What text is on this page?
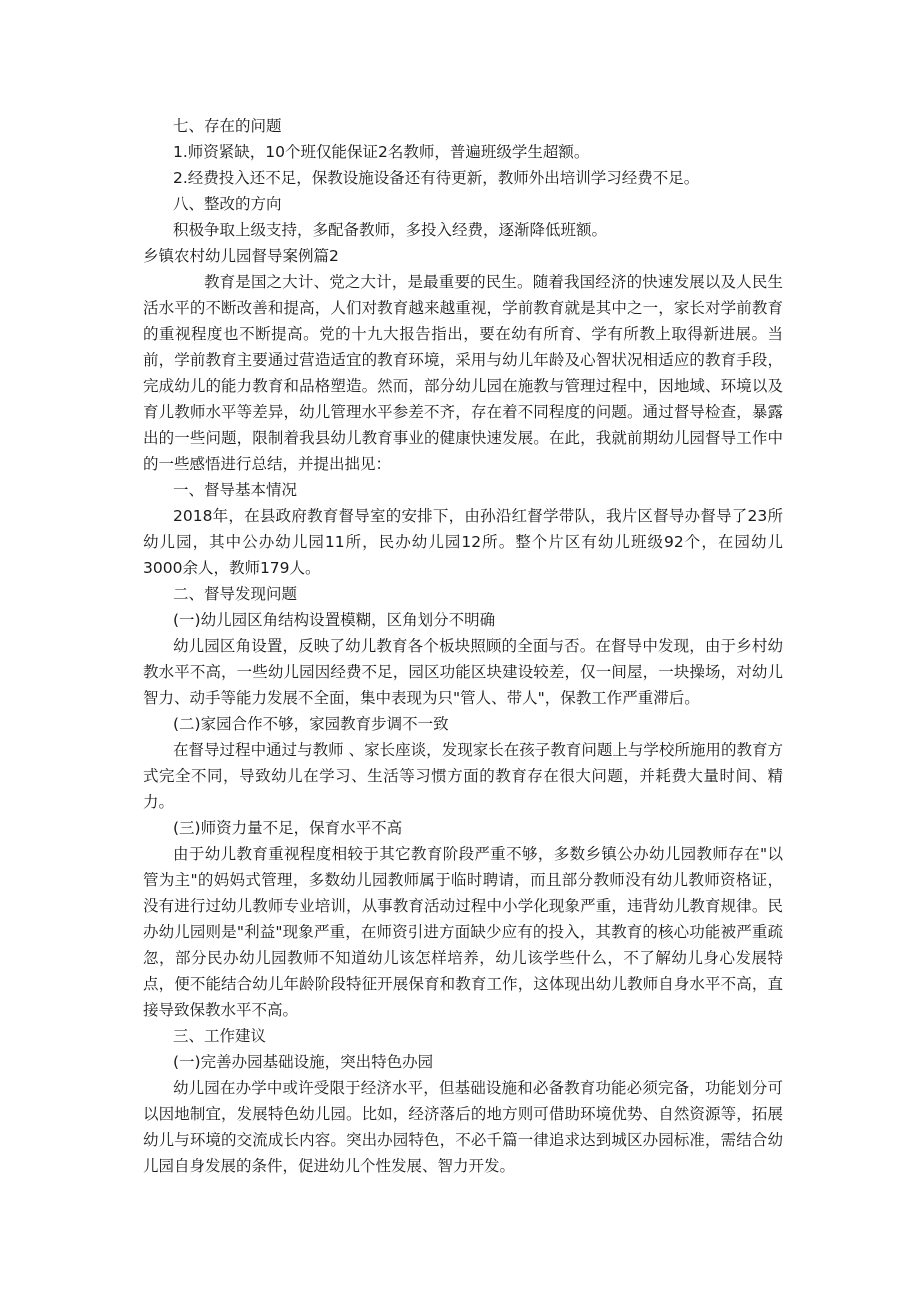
七、存在的问题
1.师资紧缺，10个班仅能保证2名教师，普遍班级学生超额。
2.经费投入还不足，保教设施设备还有待更新，教师外出培训学习经费不足。
八、整改的方向
积极争取上级支持，多配备教师，多投入经费，逐渐降低班额。
乡镇农村幼儿园督导案例篇2
教育是国之大计、党之大计，是最重要的民生。随着我国经济的快速发展以及人民生活水平的不断改善和提高，人们对教育越来越重视，学前教育就是其中之一，家长对学前教育的重视程度也不断提高。党的十九大报告指出，要在幼有所育、学有所教上取得新进展。当前，学前教育主要通过营造适宜的教育环境，采用与幼儿年龄及心智状况相适应的教育手段，完成幼儿的能力教育和品格塑造。然而，部分幼儿园在施教与管理过程中，因地域、环境以及育儿教师水平等差异，幼儿管理水平参差不齐，存在着不同程度的问题。通过督导检查，暴露出的一些问题，限制着我县幼儿教育事业的健康快速发展。在此，我就前期幼儿园督导工作中的一些感悟进行总结，并提出拙见：
一、督导基本情况
2018年，在县政府教育督导室的安排下，由孙沿红督学带队，我片区督导办督导了23所幼儿园，其中公办幼儿园11所，民办幼儿园12所。整个片区有幼儿班级92个，在园幼儿3000余人，教师179人。
二、督导发现问题
(一)幼儿园区角结构设置模糊，区角划分不明确
幼儿园区角设置，反映了幼儿教育各个板块照顾的全面与否。在督导中发现，由于乡村幼教水平不高，一些幼儿园因经费不足，园区功能区块建设较差，仅一间屋，一块操场，对幼儿智力、动手等能力发展不全面，集中表现为只"管人、带人"，保教工作严重滞后。
(二)家园合作不够，家园教育步调不一致
在督导过程中通过与教师 、家长座谈，发现家长在孩子教育问题上与学校所施用的教育方式完全不同，导致幼儿在学习、生活等习惯方面的教育存在很大问题，并耗费大量时间、精力。
(三)师资力量不足，保育水平不高
由于幼儿教育重视程度相较于其它教育阶段严重不够，多数乡镇公办幼儿园教师存在"以管为主"的妈妈式管理，多数幼儿园教师属于临时聘请，而且部分教师没有幼儿教师资格证，没有进行过幼儿教师专业培训，从事教育活动过程中小学化现象严重，违背幼儿教育规律。民办幼儿园则是"利益"现象严重，在师资引进方面缺少应有的投入，其教育的核心功能被严重疏忽，部分民办幼儿园教师不知道幼儿该怎样培养，幼儿该学些什么，不了解幼儿身心发展特点，便不能结合幼儿年龄阶段特征开展保育和教育工作，这体现出幼儿教师自身水平不高，直接导致保教水平不高。
三、工作建议
(一)完善办园基础设施，突出特色办园
幼儿园在办学中或许受限于经济水平，但基础设施和必备教育功能必须完备，功能划分可以因地制宜，发展特色幼儿园。比如，经济落后的地方则可借助环境优势、自然资源等，拓展幼儿与环境的交流成长内容。突出办园特色，不必千篇一律追求达到城区办园标准，需结合幼儿园自身发展的条件，促进幼儿个性发展、智力开发。
